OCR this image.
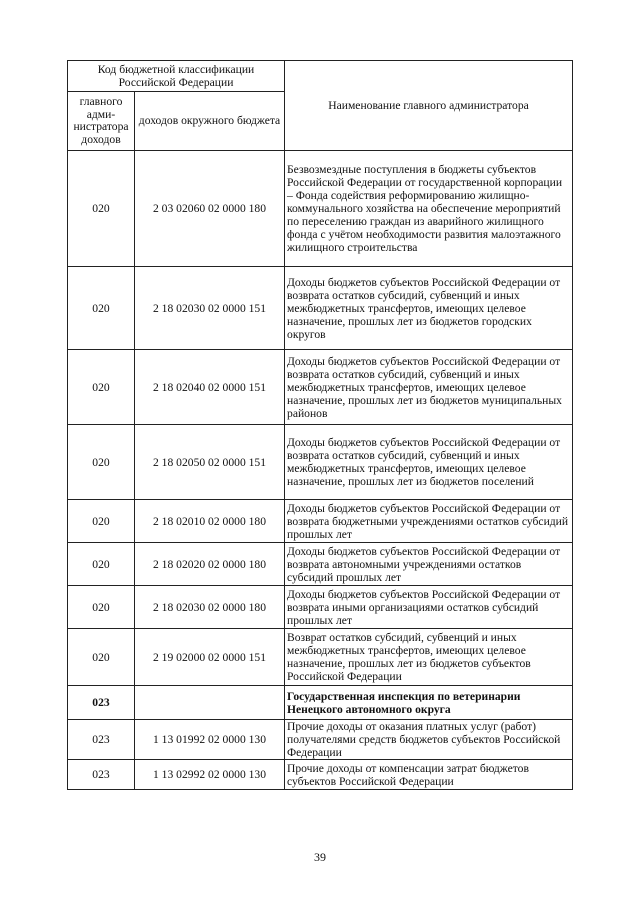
Код бюджетной классификации Российской Федерации		Наименование главного администратора
главного адми-нистратора доходов	доходов окружного бюджета	
020	2 03 02060 02 0000 180	Безвозмездные поступления в бюджеты субъектов Российской Федерации от государственной корпорации – Фонда содействия реформированию жилищно-коммунального хозяйства на обеспечение мероприятий по переселению граждан из аварийного жилищного фонда с учётом необходимости развития малоэтажного жилищного строительства
020	2 18 02030 02 0000 151	Доходы бюджетов субъектов Российской Федерации от возврата остатков субсидий, субвенций и иных межбюджетных трансфертов, имеющих целевое назначение, прошлых лет из бюджетов городских округов
020	2 18 02040 02 0000 151	Доходы бюджетов субъектов Российской Федерации от возврата остатков субсидий, субвенций и иных межбюджетных трансфертов, имеющих целевое назначение, прошлых лет из бюджетов муниципальных районов
020	2 18 02050 02 0000 151	Доходы бюджетов субъектов Российской Федерации от возврата остатков субсидий, субвенций и иных межбюджетных трансфертов, имеющих целевое назначение, прошлых лет из бюджетов поселений
020	2 18 02010 02 0000 180	Доходы бюджетов субъектов Российской Федерации от возврата бюджетными учреждениями остатков субсидий прошлых лет
020	2 18 02020 02 0000 180	Доходы бюджетов субъектов Российской Федерации от возврата автономными учреждениями остатков субсидий прошлых лет
020	2 18 02030 02 0000 180	Доходы бюджетов субъектов Российской Федерации от возврата иными организациями остатков субсидий прошлых лет
020	2 19 02000 02 0000 151	Возврат остатков субсидий, субвенций и иных межбюджетных трансфертов, имеющих целевое назначение, прошлых лет из бюджетов субъектов Российской Федерации
023		Государственная инспекция по ветеринарии Ненецкого автономного округа
023	1 13 01992 02 0000 130	Прочие доходы от оказания платных услуг (работ) получателями средств бюджетов субъектов Российской Федерации
023	1 13 02992 02 0000 130	Прочие доходы от компенсации затрат бюджетов субъектов Российской Федерации
39
